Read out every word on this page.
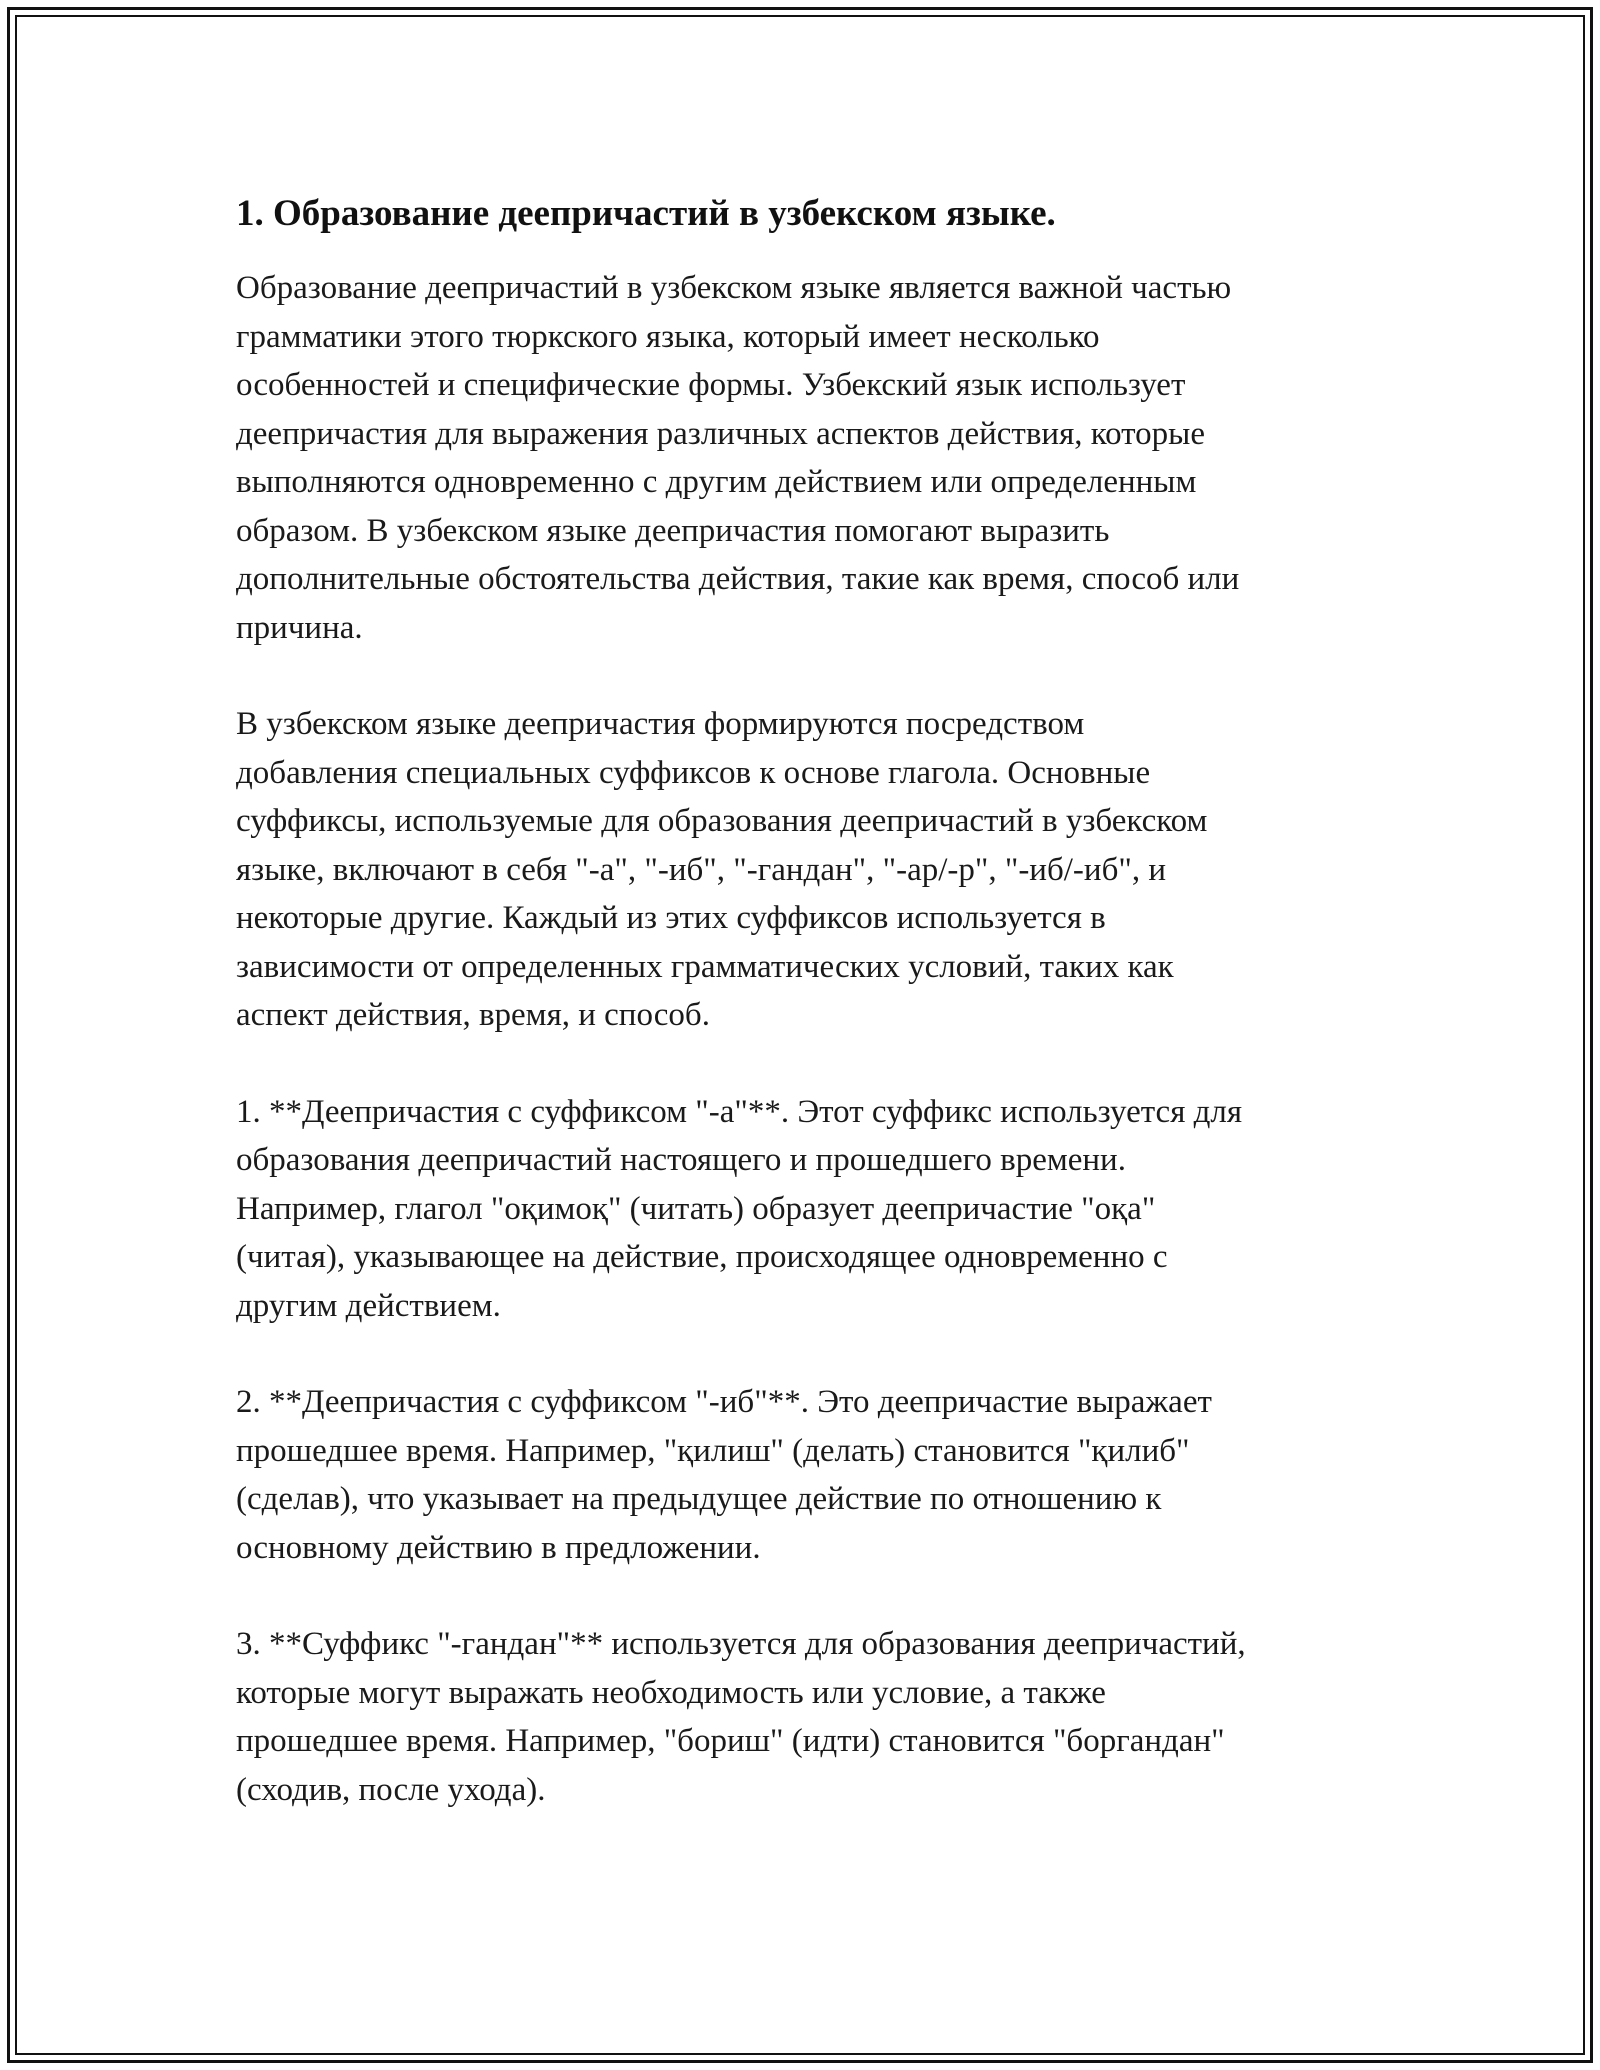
1. Образование деепричастий в узбекском языке.

Образование деепричастий в узбекском языке является важной частью
грамматики этого тюркского языка, который имеет несколько
особенностей и специфические формы. Узбекский язык использует
деепричастия для выражения различных аспектов действия, которые
выполняются одновременно с другим действием или определенным
образом. В узбекском языке деепричастия помогают выразить
дополнительные обстоятельства действия, такие как время, способ или
причина.

В узбекском языке деепричастия формируются посредством
добавления специальных суффиксов к основе глагола. Основные
суффиксы, используемые для образования деепричастий в узбекском
языке, включают в себя "-а", "-иб", "-гандан", "-ар/-р", "-иб/-иб", и
некоторые другие. Каждый из этих суффиксов используется в
зависимости от определенных грамматических условий, таких как
аспект действия, время, и способ.

1. **Деепричастия с суффиксом "-а"**. Этот суффикс используется для
образования деепричастий настоящего и прошедшего времени.
Например, глагол "оқимоқ" (читать) образует деепричастие "оқа"
(читая), указывающее на действие, происходящее одновременно с
другим действием.

2. **Деепричастия с суффиксом "-иб"**. Это деепричастие выражает
прошедшее время. Например, "қилиш" (делать) становится "қилиб"
(сделав), что указывает на предыдущее действие по отношению к
основному действию в предложении.

3. **Суффикс "-гандан"** используется для образования деепричастий,
которые могут выражать необходимость или условие, а также
прошедшее время. Например, "бориш" (идти) становится "боргандан"
(сходив, после ухода).
